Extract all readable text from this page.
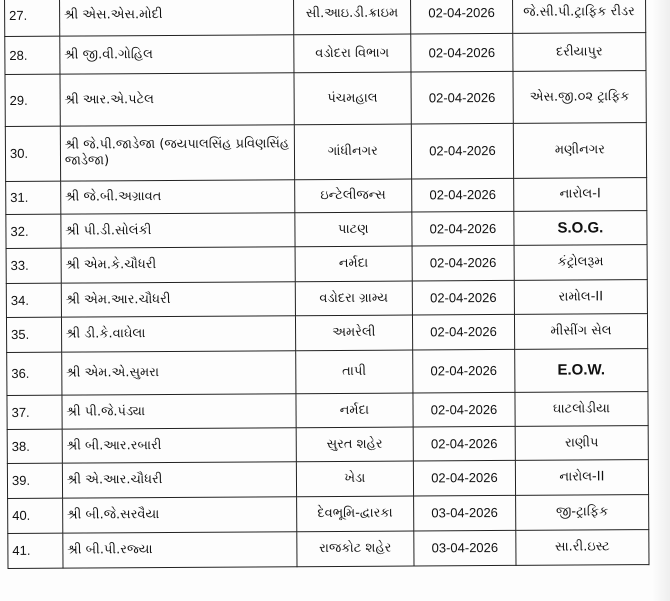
27.	શ્રી એસ.એસ.મોદી	સી.આઇ.ડી.ક્રાઇમ	02-04-2026	જે.સી.પી.ટ્રાફિક રીડર
28.	શ્રી જી.વી.ગોહિલ	વડોદરા વિભાગ	02-04-2026	દરીયાપુર
29.	શ્રી આર.એ.પટેલ	પંચમહાલ	02-04-2026	એસ.જી.૦૨ ટ્રાફિક
30.	શ્રી જે.પી.જાડેજા (જયપાલસિંહ પ્રવિણસિંહ જાડેજા)	ગાંધીનગર	02-04-2026	મણીનગર
31.	શ્રી જે.બી.અગ્રાવત	ઇન્ટેલીજન્સ	02-04-2026	નારોલ-I
32.	શ્રી પી.ડી.સોલંકી	પાટણ	02-04-2026	S.O.G.
33.	શ્રી એમ.કે.ચૌધરી	નર્મદા	02-04-2026	કંટ્રોલરૂમ
34.	શ્રી એમ.આર.ચૌધરી	વડોદરા ગ્રામ્ય	02-04-2026	રામોલ-II
35.	શ્રી ડી.કે.વાઘેલા	અમરેલી	02-04-2026	મીસીંગ સેલ
36.	શ્રી એમ.એ.સુમરા	તાપી	02-04-2026	E.O.W.
37.	શ્રી પી.જે.પંડ્યા	નર્મદા	02-04-2026	ઘાટલોડીયા
38.	શ્રી બી.આર.રબારી	સુરત શહેર	02-04-2026	રાણીપ
39.	શ્રી એ.આર.ચૌધરી	ખેડા	02-04-2026	નારોલ-II
40.	શ્રી બી.જે.સરવૈયા	દેવભૂમિ-દ્વારકા	03-04-2026	જી-ટ્રાફિક
41.	શ્રી બી.પી.રજ્યા	રાજકોટ શહેર	03-04-2026	સા.રી.ઇસ્ટ
